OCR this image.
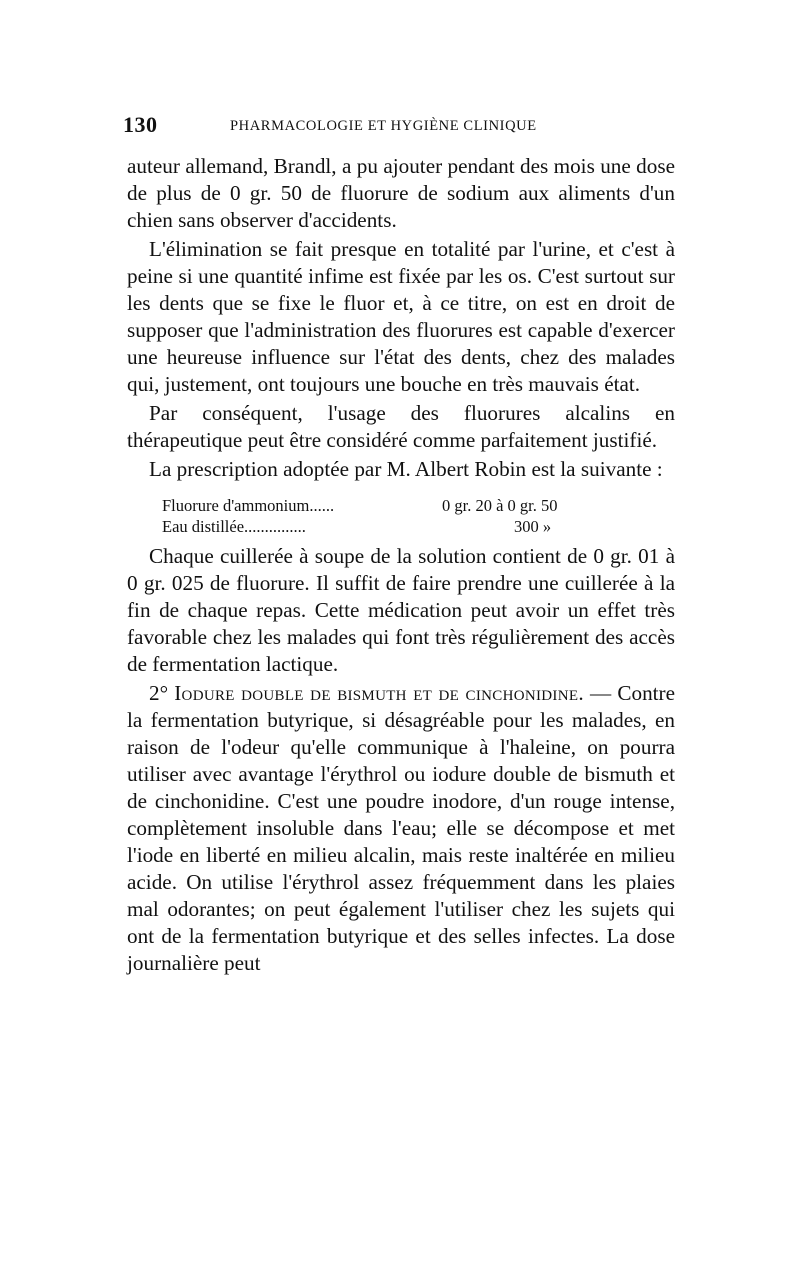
130	PHARMACOLOGIE ET HYGIÈNE CLINIQUE

auteur allemand, Brandl, a pu ajouter pendant des mois une dose de plus de 0 gr. 50 de fluorure de sodium aux aliments d'un chien sans observer d'accidents.

L'élimination se fait presque en totalité par l'urine, et c'est à peine si une quantité infime est fixée par les os. C'est surtout sur les dents que se fixe le fluor et, à ce titre, on est en droit de supposer que l'administration des fluorures est capable d'exercer une heureuse influence sur l'état des dents, chez des malades qui, justement, ont toujours une bouche en très mauvais état.

Par conséquent, l'usage des fluorures alcalins en thérapeutique peut être considéré comme parfaitement justifié.

La prescription adoptée par M. Albert Robin est la suivante :

Fluorure d'ammonium......	0 gr. 20 à 0 gr. 50
Eau distillée...............	300 »

Chaque cuillerée à soupe de la solution contient de 0 gr. 01 à 0 gr. 025 de fluorure. Il suffit de faire prendre une cuillerée à la fin de chaque repas. Cette médication peut avoir un effet très favorable chez les malades qui font très régulièrement des accès de fermentation lactique.

2° Iodure double de bismuth et de cinchonidine. — Contre la fermentation butyrique, si désagréable pour les malades, en raison de l'odeur qu'elle communique à l'haleine, on pourra utiliser avec avantage l'érythrol ou iodure double de bismuth et de cinchonidine. C'est une poudre inodore, d'un rouge intense, complètement insoluble dans l'eau; elle se décompose et met l'iode en liberté en milieu alcalin, mais reste inaltérée en milieu acide. On utilise l'érythrol assez fréquemment dans les plaies mal odorantes; on peut également l'utiliser chez les sujets qui ont de la fermentation butyrique et des selles infectes. La dose journalière peut
